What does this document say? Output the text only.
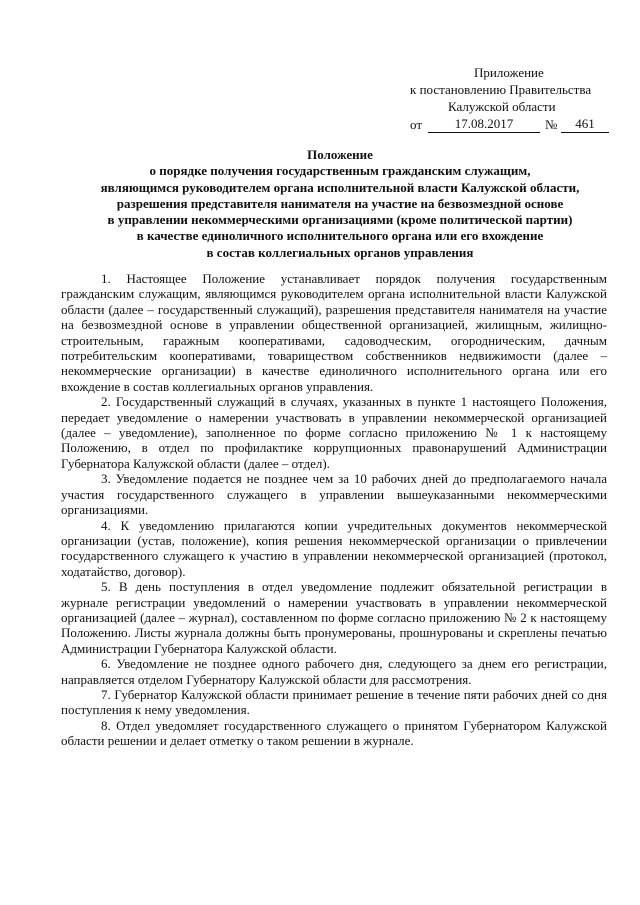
Приложение
к постановлению Правительства
Калужской области
от	17.08.2017	№	461
Положение
о порядке получения государственным гражданским служащим,
являющимся руководителем органа исполнительной власти Калужской области,
разрешения представителя нанимателя на участие на безвозмездной основе
в управлении некоммерческими организациями (кроме политической партии)
в качестве единоличного исполнительного органа или его вхождение
в состав коллегиальных органов управления

1. Настоящее Положение устанавливает порядок получения государственным гражданским служащим, являющимся руководителем органа исполнительной власти Калужской области (далее – государственный служащий), разрешения представителя нанимателя на участие на безвозмездной основе в управлении общественной организацией, жилищным, жилищно-строительным, гаражным кооперативами, садоводческим, огородническим, дачным потребительским кооперативами, товариществом собственников недвижимости (далее – некоммерческие организации) в качестве единоличного исполнительного органа или его вхождение в состав коллегиальных органов управления.

2. Государственный служащий в случаях, указанных в пункте 1 настоящего Положения, передает уведомление о намерении участвовать в управлении некоммерческой организацией (далее – уведомление), заполненное по форме согласно приложению № 1 к настоящему Положению, в отдел по профилактике коррупционных правонарушений Администрации Губернатора Калужской области (далее – отдел).

3. Уведомление подается не позднее чем за 10 рабочих дней до предполагаемого начала участия государственного служащего в управлении вышеуказанными некоммерческими организациями.

4. К уведомлению прилагаются копии учредительных документов некоммерческой организации (устав, положение), копия решения некоммерческой организации о привлечении государственного служащего к участию в управлении некоммерческой организацией (протокол, ходатайство, договор).

5. В день поступления в отдел уведомление подлежит обязательной регистрации в журнале регистрации уведомлений о намерении участвовать в управлении некоммерческой организацией (далее – журнал), составленном по форме согласно приложению № 2 к настоящему Положению. Листы журнала должны быть пронумерованы, прошнурованы и скреплены печатью Администрации Губернатора Калужской области.

6. Уведомление не позднее одного рабочего дня, следующего за днем его регистрации, направляется отделом Губернатору Калужской области для рассмотрения.

7. Губернатор Калужской области принимает решение в течение пяти рабочих дней со дня поступления к нему уведомления.

8. Отдел уведомляет государственного служащего о принятом Губернатором Калужской области решении и делает отметку о таком решении в журнале.
